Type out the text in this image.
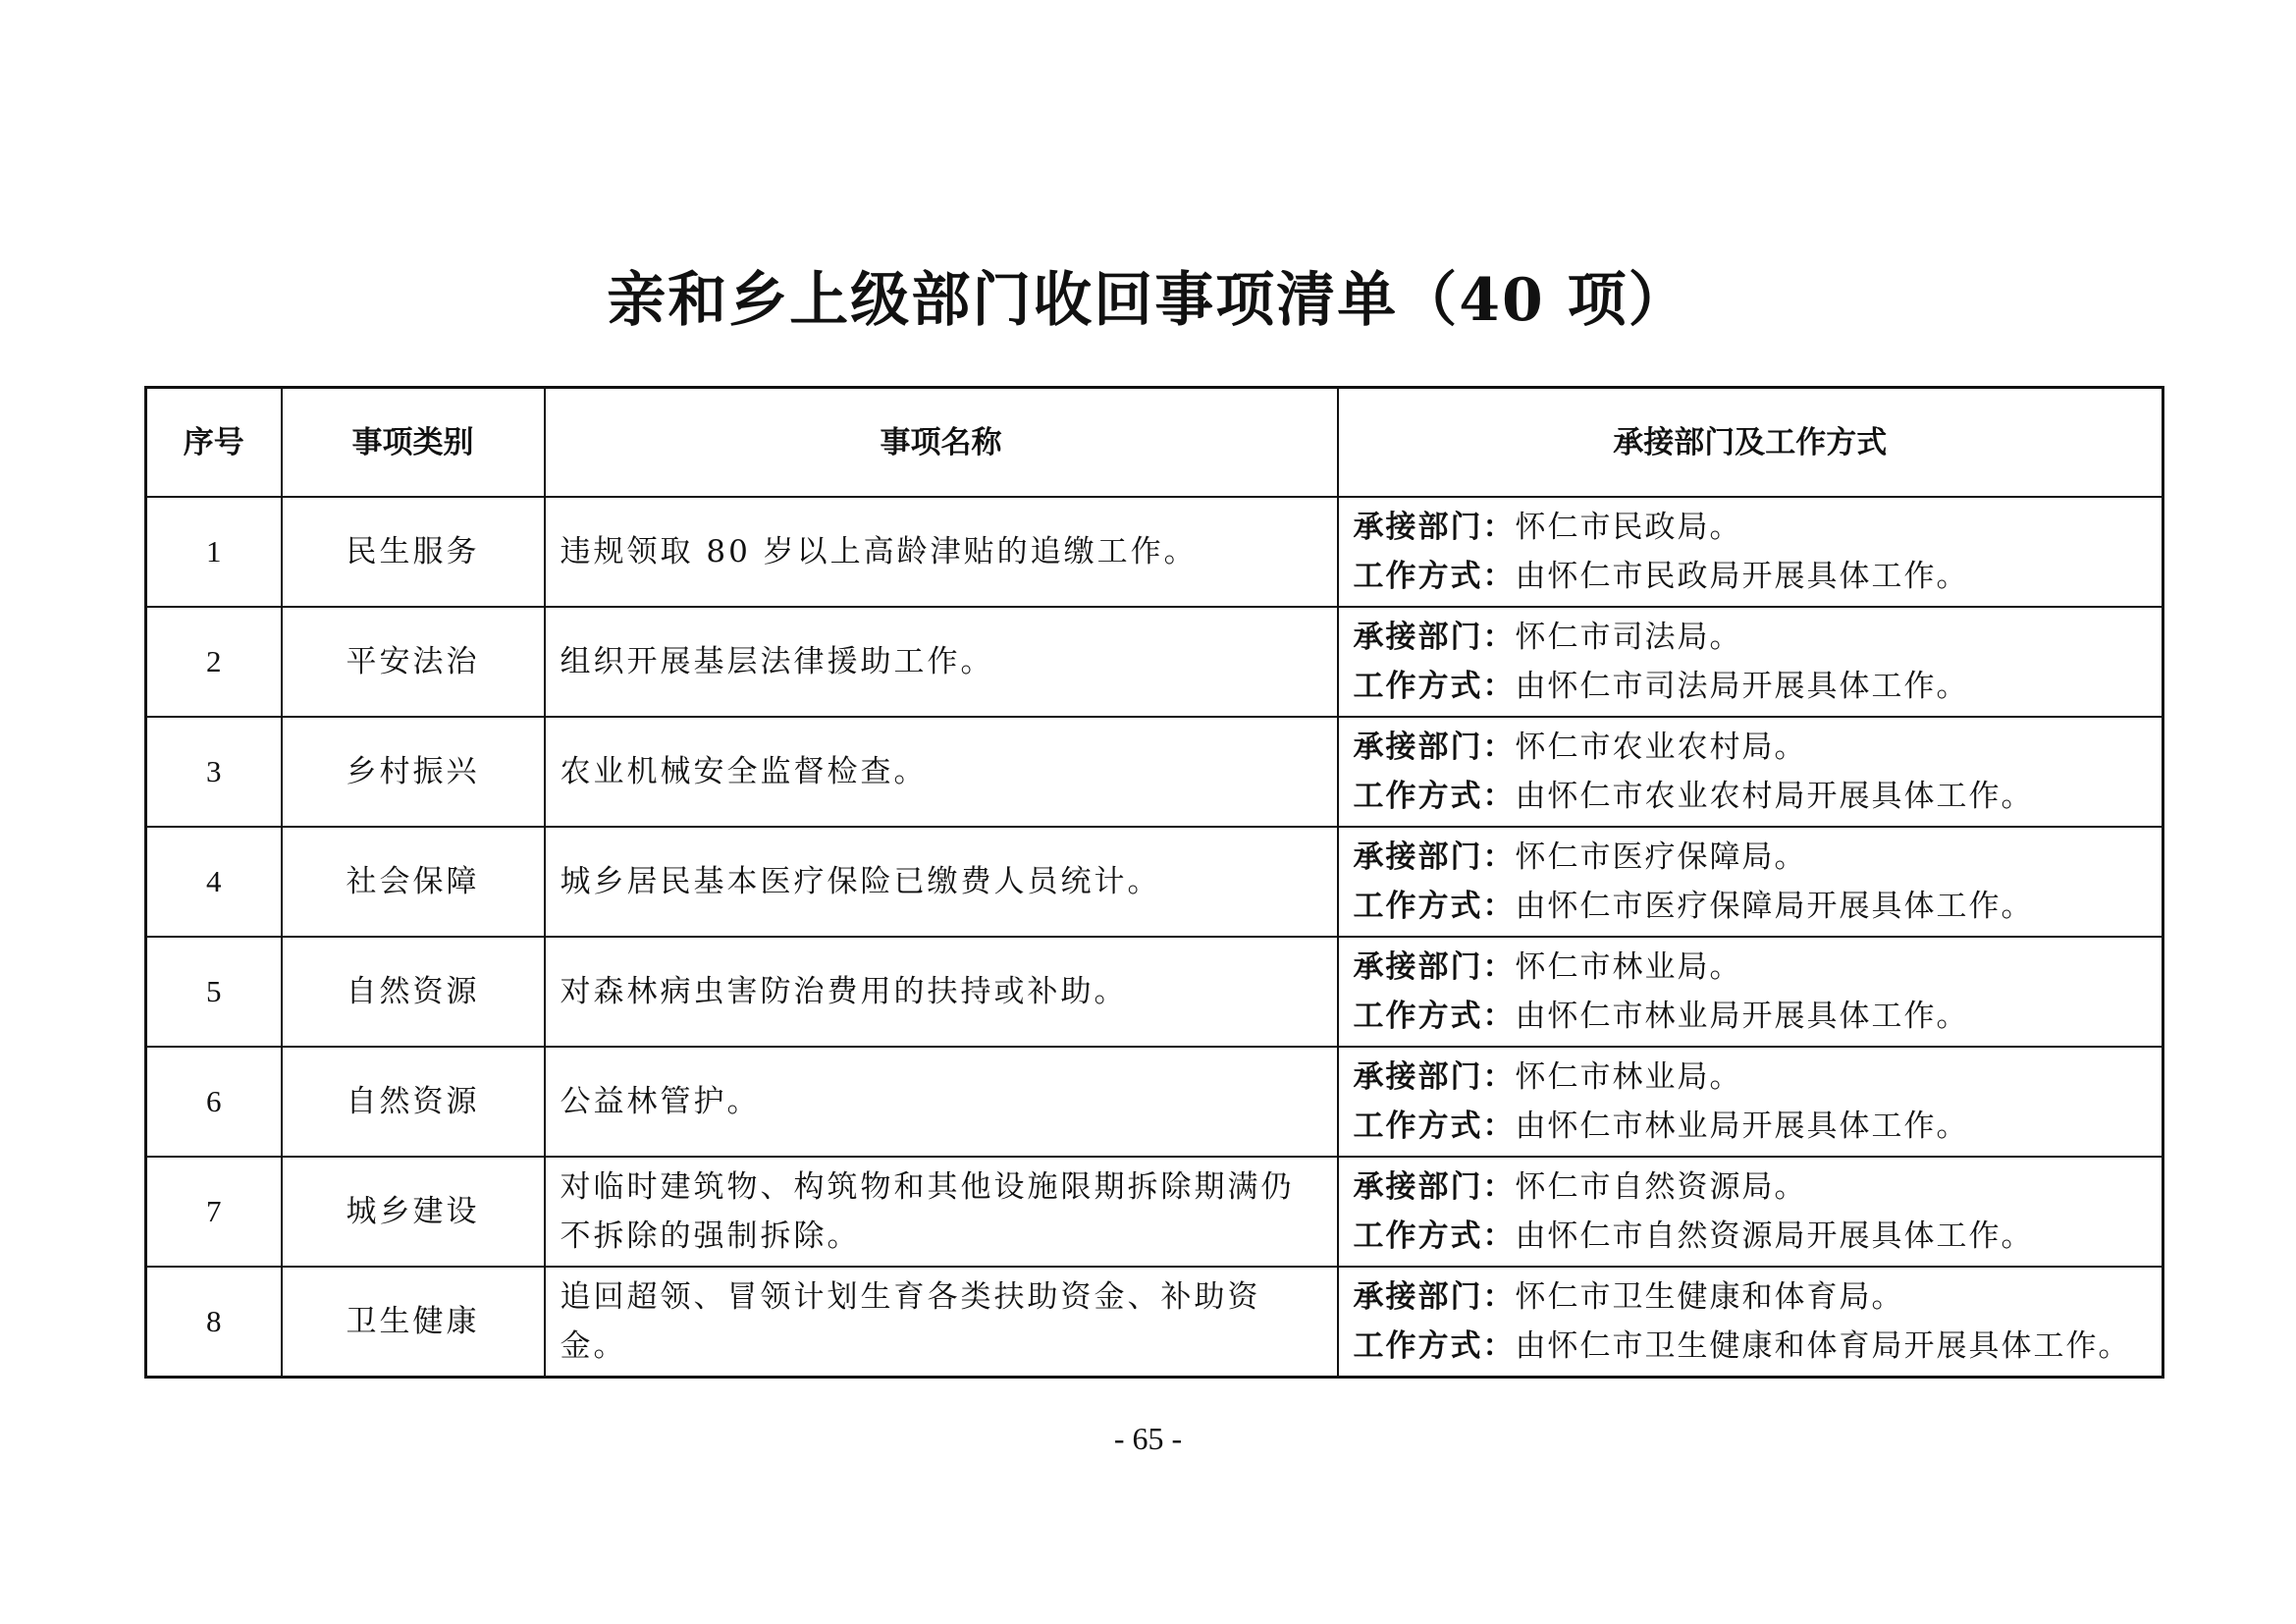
亲和乡上级部门收回事项清单（40 项）
序号	事项类别	事项名称	承接部门及工作方式
1	民生服务	违规领取 80 岁以上高龄津贴的追缴工作。	承接部门：怀仁市民政局。
工作方式：由怀仁市民政局开展具体工作。

2	平安法治	组织开展基层法律援助工作。	承接部门：怀仁市司法局。
工作方式：由怀仁市司法局开展具体工作。

3	乡村振兴	农业机械安全监督检查。	承接部门：怀仁市农业农村局。
工作方式：由怀仁市农业农村局开展具体工作。

4	社会保障	城乡居民基本医疗保险已缴费人员统计。	承接部门：怀仁市医疗保障局。
工作方式：由怀仁市医疗保障局开展具体工作。

5	自然资源	对森林病虫害防治费用的扶持或补助。	承接部门：怀仁市林业局。
工作方式：由怀仁市林业局开展具体工作。

6	自然资源	公益林管护。	承接部门：怀仁市林业局。
工作方式：由怀仁市林业局开展具体工作。

7	城乡建设	对临时建筑物、构筑物和其他设施限期拆除期满仍不拆除的强制拆除。	承接部门：怀仁市自然资源局。
工作方式：由怀仁市自然资源局开展具体工作。

8	卫生健康	追回超领、冒领计划生育各类扶助资金、补助资金。	承接部门：怀仁市卫生健康和体育局。
工作方式：由怀仁市卫生健康和体育局开展具体工作。
- 65 -
